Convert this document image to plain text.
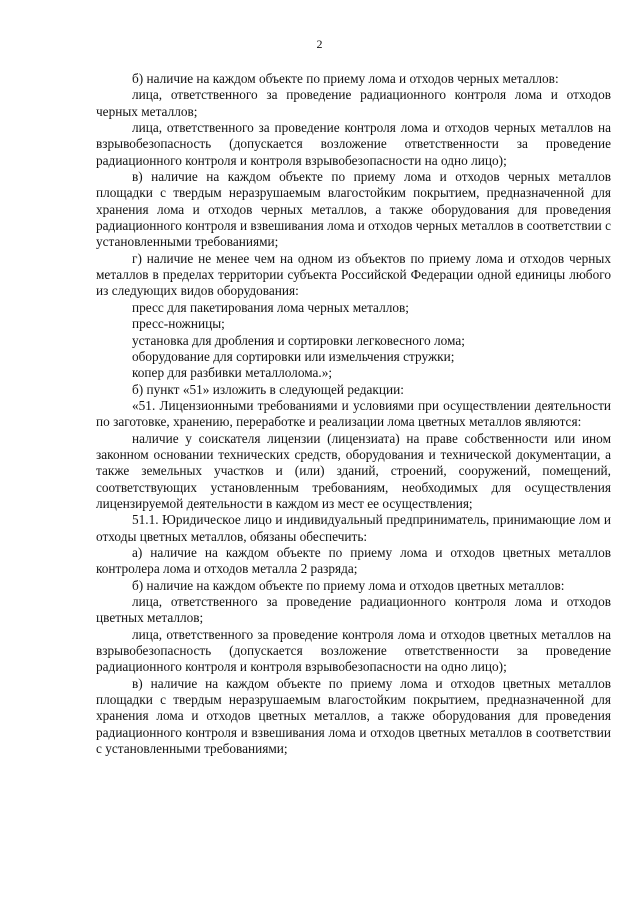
2

б) наличие на каждом объекте по приему лома и отходов черных металлов:

лица, ответственного за проведение радиационного контроля лома и отходов черных металлов;

лица, ответственного за проведение контроля лома и отходов черных металлов на взрывобезопасность (допускается возложение ответственности за проведение радиационного контроля и контроля взрывобезопасности на одно лицо);

в) наличие на каждом объекте по приему лома и отходов черных металлов площадки с твердым неразрушаемым влагостойким покрытием, предназначенной для хранения лома и отходов черных металлов, а также оборудования для проведения радиационного контроля и взвешивания лома и отходов черных металлов в соответствии с установленными требованиями;

г) наличие не менее чем на одном из объектов по приему лома и отходов черных металлов в пределах территории субъекта Российской Федерации одной единицы любого из следующих видов оборудования:

пресс для пакетирования лома черных металлов;

пресс-ножницы;

установка для дробления и сортировки легковесного лома;

оборудование для сортировки или измельчения стружки;

копер для разбивки металлолома.»;

б) пункт «51» изложить в следующей редакции:

«51. Лицензионными требованиями и условиями при осуществлении деятельности по заготовке, хранению, переработке и реализации лома цветных металлов являются:

наличие у соискателя лицензии (лицензиата) на праве собственности или ином законном основании технических средств, оборудования и технической документации, а также земельных участков и (или) зданий, строений, сооружений, помещений, соответствующих установленным требованиям, необходимых для осуществления лицензируемой деятельности в каждом из мест ее осуществления;

51.1. Юридическое лицо и индивидуальный предприниматель, принимающие лом и отходы цветных металлов, обязаны обеспечить:

а) наличие на каждом объекте по приему лома и отходов цветных металлов контролера лома и отходов металла 2 разряда;

б) наличие на каждом объекте по приему лома и отходов цветных металлов:

лица, ответственного за проведение радиационного контроля лома и отходов цветных металлов;

лица, ответственного за проведение контроля лома и отходов цветных металлов на взрывобезопасность (допускается возложение ответственности за проведение радиационного контроля и контроля взрывобезопасности на одно лицо);

в) наличие на каждом объекте по приему лома и отходов цветных металлов площадки с твердым неразрушаемым влагостойким покрытием, предназначенной для хранения лома и отходов цветных металлов, а также оборудования для проведения радиационного контроля и взвешивания лома и отходов цветных металлов в соответствии с установленными требованиями;
